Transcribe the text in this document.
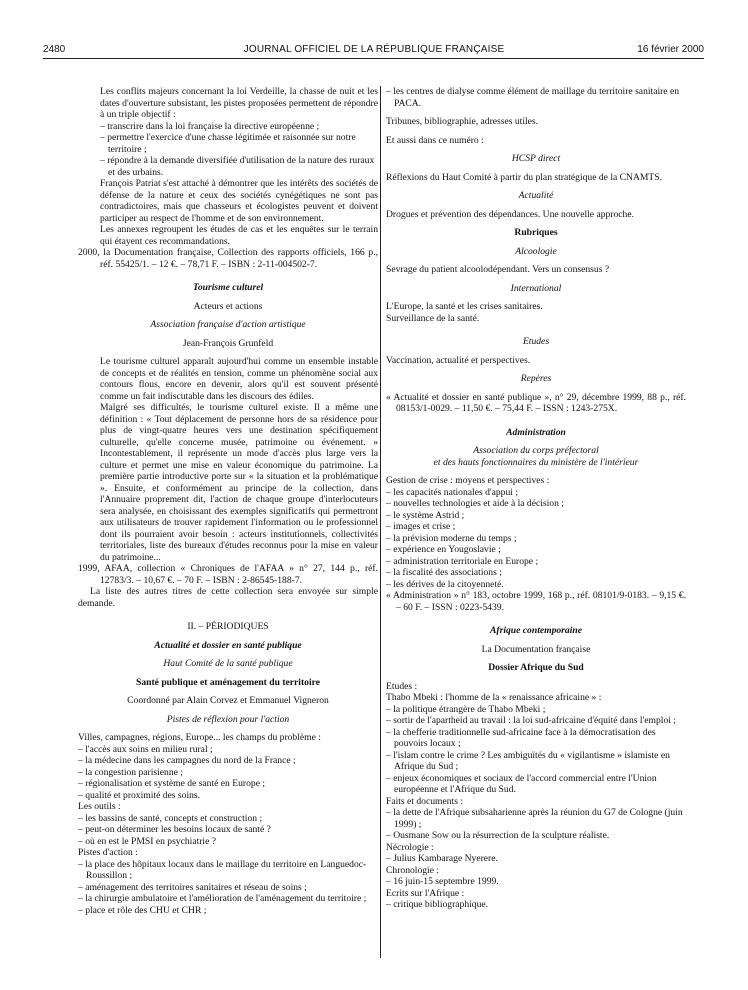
2480	JOURNAL OFFICIEL DE LA RÉPUBLIQUE FRANÇAISE	16 février 2000

Les conflits majeurs concernant la loi Verdeille, la chasse de nuit et les dates d'ouverture subsistant, les pistes proposées permettent de répondre à un triple objectif :

– transcrire dans la loi française la directive européenne ;

– permettre l'exercice d'une chasse légitimée et raisonnée sur notre territoire ;

– répondre à la demande diversifiée d'utilisation de la nature des ruraux et des urbains.

François Patriat s'est attaché à démontrer que les intérêts des sociétés de défense de la nature et ceux des sociétés cynégétiques ne sont pas contradictoires, mais que chasseurs et écologistes peuvent et doivent participer au respect de l'homme et de son environnement.

Les annexes regroupent les études de cas et les enquêtes sur le terrain qui étayent ces recommandations.

2000, la Documentation française, Collection des rapports officiels, 166 p., réf. 55425/1. – 12 €. – 78,71 F. – ISBN : 2-11-004502-7.

Tourisme culturel

Acteurs et actions

Association française d'action artistique

Jean-François Grunfeld

Le tourisme culturel apparaît aujourd'hui comme un ensemble instable de concepts et de réalités en tension, comme un phénomène social aux contours flous, encore en devenir, alors qu'il est souvent présenté comme un fait indiscutable dans les discours des édiles.

Malgré ses difficultés, le tourisme culturel existe. Il a même une définition : « Tout déplacement de personne hors de sa résidence pour plus de vingt-quatre heures vers une destination spécifiquement culturelle, qu'elle concerne musée, patrimoine ou événement. » Incontestablement, il représente un mode d'accès plus large vers la culture et permet une mise en valeur économique du patrimoine. La première partie introductive porte sur « la situation et la problématique ». Ensuite, et conformément au principe de la collection, dans l'Annuaire proprement dit, l'action de chaque groupe d'interlocuteurs sera analysée, en choisissant des exemples significatifs qui permettront aux utilisateurs de trouver rapidement l'information ou le professionnel dont ils pourraient avoir besoin : acteurs institutionnels, collectivités territoriales, liste des bureaux d'études reconnus pour la mise en valeur du patrimoine...

1999, AFAA, collection « Chroniques de l'AFAA » n° 27, 144 p., réf. 12783/3. – 10,67 €. – 70 F. – ISBN : 2-86545-188-7.

La liste des autres titres de cette collection sera envoyée sur simple demande.

II. – PÉRIODIQUES

Actualité et dossier en santé publique

Haut Comité de la santé publique

Santé publique et aménagement du territoire

Coordonné par Alain Corvez et Emmanuel Vigneron

Pistes de réflexion pour l'action

Villes, campagnes, régions, Europe... les champs du problème :

– l'accès aux soins en milieu rural ;

– la médecine dans les campagnes du nord de la France ;

– la congestion parisienne ;

– régionalisation et système de santé en Europe ;

– qualité et proximité des soins.

Les outils :

– les bassins de santé, concepts et construction ;

– peut-on déterminer les besoins locaux de santé ?

– où en est le PMSI en psychiatrie ?

Pistes d'action :

– la place des hôpitaux locaux dans le maillage du territoire en Languedoc-Roussillon ;

– aménagement des territoires sanitaires et réseau de soins ;

– la chirurgie ambulatoire et l'amélioration de l'aménagement du territoire ;

– place et rôle des CHU et CHR ;

– les centres de dialyse comme élément de maillage du territoire sanitaire en PACA.

Tribunes, bibliographie, adresses utiles.

Et aussi dans ce numéro :

HCSP direct

Réflexions du Haut Comité à partir du plan stratégique de la CNAMTS.

Actualité

Drogues et prévention des dépendances. Une nouvelle approche.

Rubriques

Alcoologie

Sevrage du patient alcoolodépendant. Vers un consensus ?

International

L'Europe, la santé et les crises sanitaires.

Surveillance de la santé.

Etudes

Vaccination, actualité et perspectives.

Repères

« Actualité et dossier en santé publique », n° 29, décembre 1999, 88 p., réf. 08153/1-0029. – 11,50 €. – 75,44 F. – ISSN : 1243-275X.

Administration

Association du corps préfectoral

et des hauts fonctionnaires du ministère de l'intérieur

Gestion de crise : moyens et perspectives :

– les capacités nationales d'appui ;

– nouvelles technologies et aide à la décision ;

– le système Astrid ;

– images et crise ;

– la prévision moderne du temps ;

– expérience en Yougoslavie ;

– administration territoriale en Europe ;

– la fiscalité des associations ;

– les dérives de la citoyenneté.

« Administration » n° 183, octobre 1999, 168 p., réf. 08101/9-0183. – 9,15 €. – 60 F. – ISSN : 0223-5439.

Afrique contemporaine

La Documentation française

Dossier Afrique du Sud

Etudes :

Thabo Mbeki : l'homme de la « renaissance africaine » :

– la politique étrangère de Thabo Mbeki ;

– sortir de l'apartheid au travail : la loi sud-africaine d'équité dans l'emploi ;

– la chefferie traditionnelle sud-africaine face à la démocratisation des pouvoirs locaux ;

– l'islam contre le crime ? Les ambiguïtés du « vigilantisme » islamiste en Afrique du Sud ;

– enjeux économiques et sociaux de l'accord commercial entre l'Union européenne et l'Afrique du Sud.

Faits et documents :

– la dette de l'Afrique subsaharienne après la réunion du G7 de Cologne (juin 1999) ;

– Ousmane Sow ou la résurrection de la sculpture réaliste.

Nécrologie :

– Julius Kambarage Nyerere.

Chronologie :

– 16 juin-15 septembre 1999.

Ecrits sur l'Afrique :

– critique bibliographique.
